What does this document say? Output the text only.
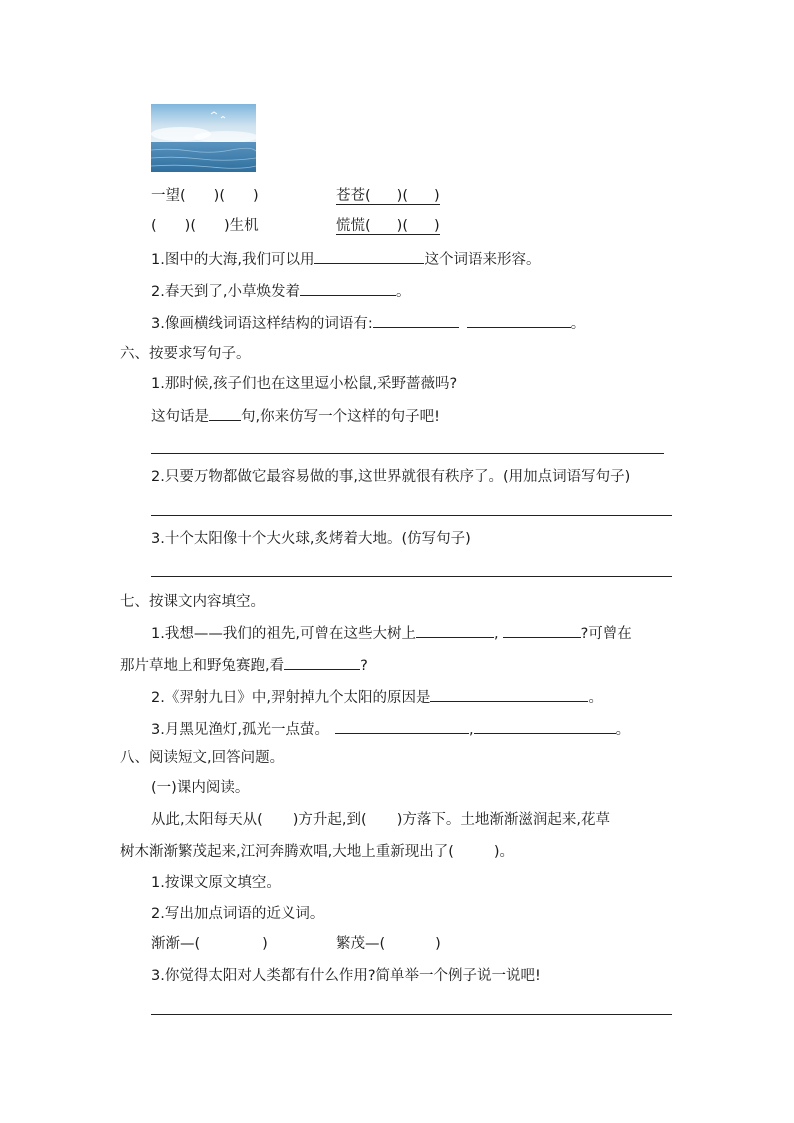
一望( )( )	苍苍( )( )
( )( )生机	慌慌( )( )
1.图中的大海,我们可以用	这个词语来形容。
2.春天到了,小草焕发着	。
3.像画横线词语这样结构的词语有:	。
六、按要求写句子。
1.那时候,孩子们也在这里逗小松鼠,采野蔷薇吗?
这句话是 句,你来仿写一个这样的句子吧!
2.只要万物都做它最容易做的事,这世界就很有秩序了。(用加点词语写句子)
3.十个太阳像十个大火球,炙烤着大地。(仿写句子)
七、按课文内容填空。
1.我想——我们的祖先,可曾在这些大树上	,	?可曾在
那片草地上和野兔赛跑,看	?
2.《羿射九日》中,羿射掉九个太阳的原因是	。
3.月黑见渔灯,孤光一点萤。	,	。
八、阅读短文,回答问题。
(一)课内阅读。
从此,太阳每天从( )方升起,到( )方落下。土地渐渐滋润起来,花草
树木渐渐繁茂起来,江河奔腾欢唱,大地上重新现出了(	)。
1.按课文原文填空。
2.写出加点词语的近义词。
渐渐—(	)	繁茂—(	)
3.你觉得太阳对人类都有什么作用?简单举一个例子说一说吧!
